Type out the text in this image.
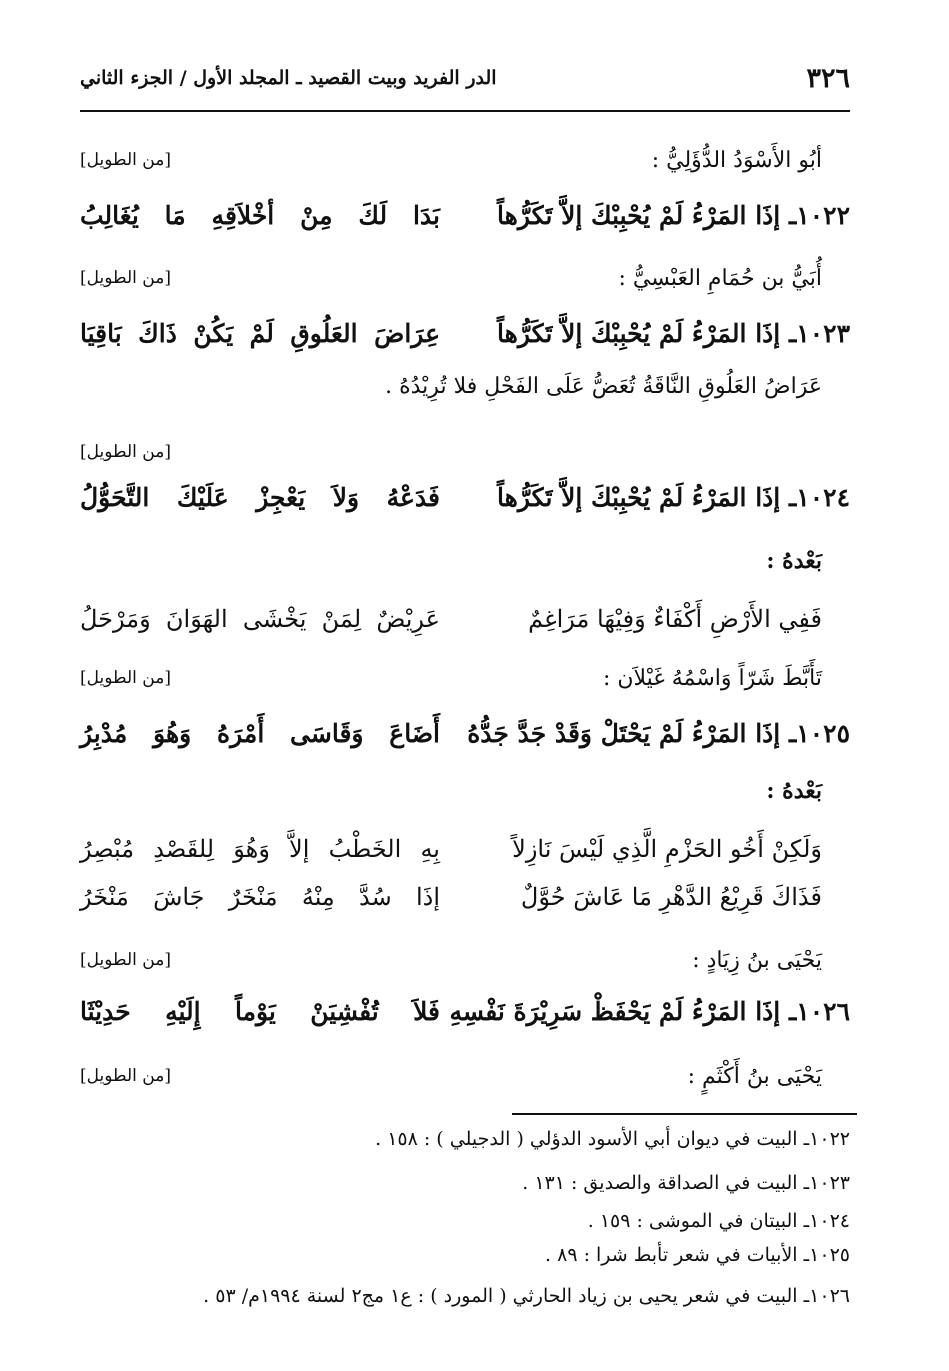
٣٢٦
الدر الفريد وبيت القصيد ـ المجلد الأول / الجزء الثاني
أبُو الأَسْوَدُ الدُّؤَلِيُّ :
[من الطويل]
١٠٢٢ـ إذَا المَرْءُ لَمْ يُحْبِبْكَ إلاَّ تَكَرُّهاً
بَدَا لَكَ مِنْ أخْلاَقِهِ مَا يُغَالِبُ
أُبَيُّ بن حُمَامِ العَبْسِيُّ :
[من الطويل]
١٠٢٣ـ إذَا المَرْءُ لَمْ يُحْبِبْكَ إلاَّ تَكَرُّهاً
عِرَاضَ العَلُوقِ لَمْ يَكُنْ ذَاكَ بَاقِيَا
عَرَاضُ العَلُوقِ النَّاقَةُ تُعَضُّ عَلَى الفَحْلِ فلا تُرِيْدُهُ .
[من الطويل]
١٠٢٤ـ إذَا المَرْءُ لَمْ يُحْبِبْكَ إلاَّ تَكَرُّهاً
فَدَعْهُ وَلاَ يَعْجِزْ عَلَيْكَ التَّحَوُّلُ
بَعْدهُ :
فَفِي الأَرْضِ أَكْفَاءٌ وَفِيْهَا مَرَاغِمٌ
عَرِيْضٌ لِمَنْ يَخْشَى الهَوَانَ وَمَرْحَلُ
تَأَبَّطَ شَرّاً وَاسْمُهُ غَيْلاَن :
[من الطويل]
١٠٢٥ـ إذَا المَرْءُ لَمْ يَحْتَلْ وَقَدْ جَدَّ جَدُّهُ
أَضَاعَ وَقَاسَى أَمْرَهُ وَهُوَ مُدْبِرُ
بَعْدهُ :
وَلَكِنْ أَخُو الحَزْمِ الَّذِي لَيْسَ نَازِلاً
بِهِ الخَطْبُ إلاَّ وَهُوَ لِلقَصْدِ مُبْصِرُ
فَذَاكَ قَرِيْعُ الدَّهْرِ مَا عَاشَ حُوَّلٌ
إذَا سُدَّ مِنْهُ مَنْخَرٌ جَاشَ مَنْخَرُ
يَحْيَى بنُ زِيَادٍ :
[من الطويل]
١٠٢٦ـ إذَا المَرْءُ لَمْ يَحْفَظْ سَرِيْرَةَ نَفْسِهِ
فَلاَ تُفْشِيَنْ يَوْماً إِلَيْهِ حَدِيْثَا
يَحْيَى بنُ أَكْثَمٍ :
[من الطويل]
١٠٢٢ـ البيت في ديوان أبي الأسود الدؤلي ( الدجيلي ) : ١٥٨ .
١٠٢٣ـ البيت في الصداقة والصديق : ١٣١ .
١٠٢٤ـ البيتان في الموشى : ١٥٩ .
١٠٢٥ـ الأبيات في شعر تأبط شرا : ٨٩ .
١٠٢٦ـ البيت في شعر يحيى بن زياد الحارثي ( المورد ) : ع١ مج٢ لسنة ١٩٩٤م/ ٥٣ .
